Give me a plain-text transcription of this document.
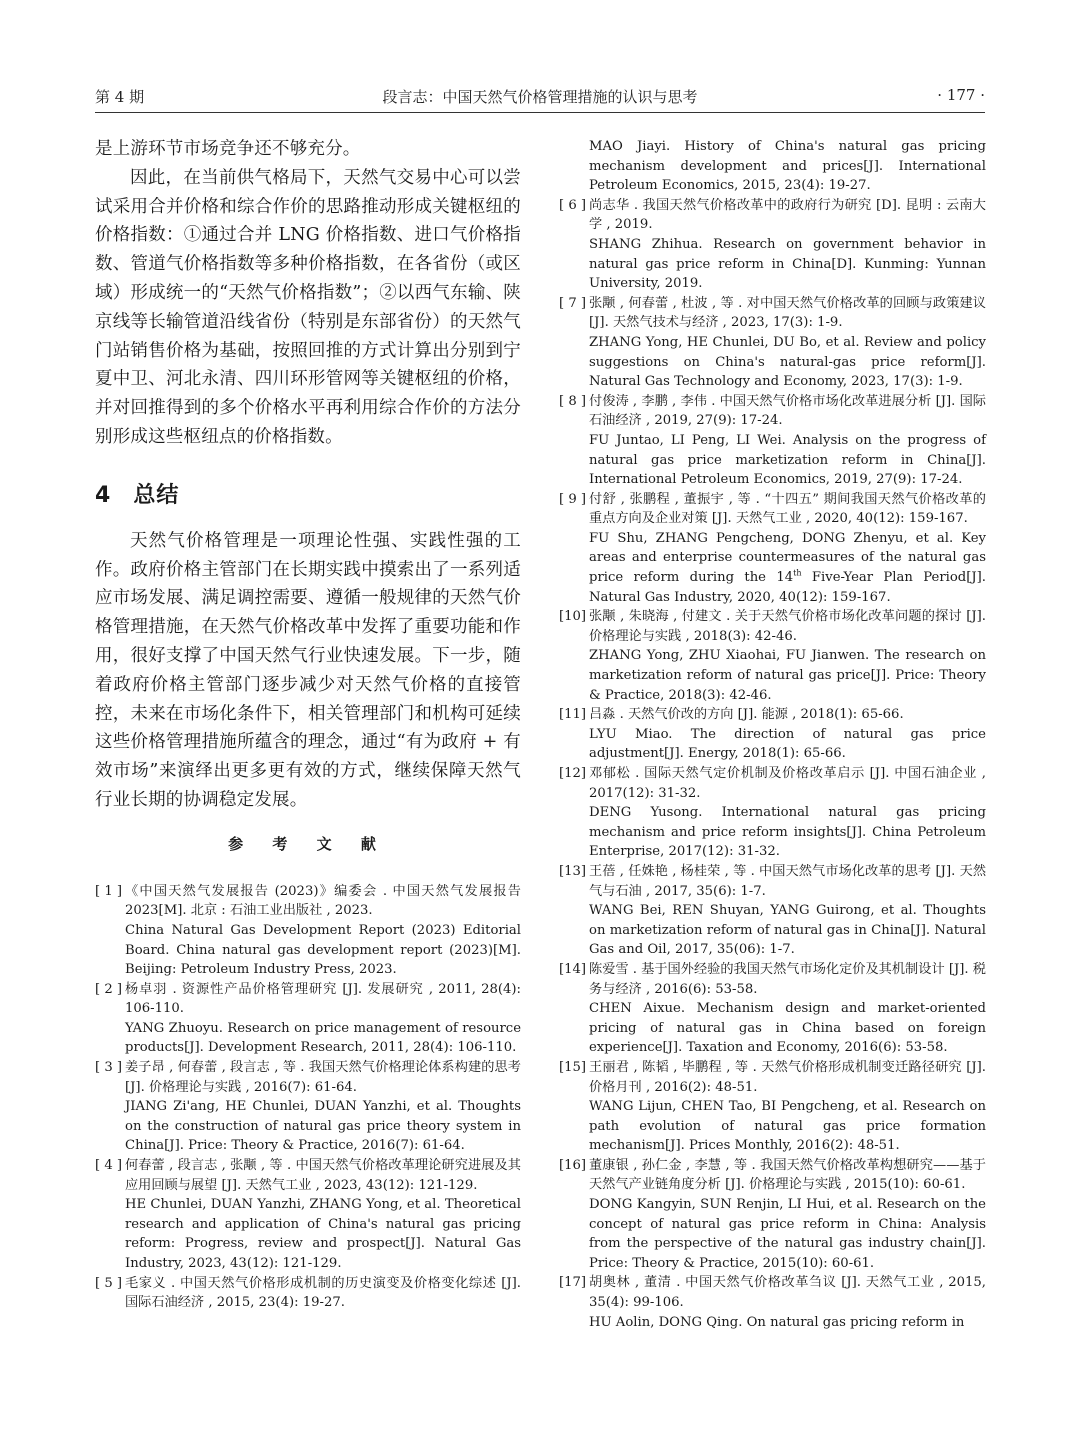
第 4 期	段言志：中国天然气价格管理措施的认识与思考	· 177 ·

是上游环节市场竞争还不够充分。

因此，在当前供气格局下，天然气交易中心可以尝试采用合并价格和综合作价的思路推动形成关键枢纽的价格指数：①通过合并 LNG 价格指数、进口气价格指数、管道气价格指数等多种价格指数，在各省份（或区域）形成统一的“天然气价格指数”；②以西气东输、陕京线等长输管道沿线省份（特别是东部省份）的天然气门站销售价格为基础，按照回推的方式计算出分别到宁夏中卫、河北永清、四川环形管网等关键枢纽的价格，并对回推得到的多个价格水平再利用综合作价的方法分别形成这些枢纽点的价格指数。

4 总结

天然气价格管理是一项理论性强、实践性强的工作。政府价格主管部门在长期实践中摸索出了一系列适应市场发展、满足调控需要、遵循一般规律的天然气价格管理措施，在天然气价格改革中发挥了重要功能和作用，很好支撑了中国天然气行业快速发展。下一步，随着政府价格主管部门逐步减少对天然气价格的直接管控，未来在市场化条件下，相关管理部门和机构可延续这些价格管理措施所蕴含的理念，通过“有为政府 + 有效市场”来演绎出更多更有效的方式，继续保障天然气行业长期的协调稳定发展。

参 考 文 献
[ 1 ] 《中国天然气发展报告 (2023)》编委会 . 中国天然气发展报告 2023[M]. 北京 : 石油工业出版社 , 2023.

China Natural Gas Development Report (2023) Editorial Board. China natural gas development report (2023)[M]. Beijing: Petroleum Industry Press, 2023.

[ 2 ] 杨卓羽 . 资源性产品价格管理研究 [J]. 发展研究 , 2011, 28(4): 106-110.

YANG Zhuoyu. Research on price management of resource products[J]. Development Research, 2011, 28(4): 106-110.

[ 3 ] 姜子昂 , 何春蕾 , 段言志 , 等 . 我国天然气价格理论体系构建的思考 [J]. 价格理论与实践 , 2016(7): 61-64.

JIANG Zi'ang, HE Chunlei, DUAN Yanzhi, et al. Thoughts on the construction of natural gas price theory system in China[J]. Price: Theory & Practice, 2016(7): 61-64.

[ 4 ] 何春蕾 , 段言志 , 张颙 , 等 . 中国天然气价格改革理论研究进展及其应用回顾与展望 [J]. 天然气工业 , 2023, 43(12): 121-129.

HE Chunlei, DUAN Yanzhi, ZHANG Yong, et al. Theoretical research and application of China's natural gas pricing reform: Progress, review and prospect[J]. Natural Gas Industry, 2023, 43(12): 121-129.

[ 5 ] 毛家义 . 中国天然气价格形成机制的历史演变及价格变化综述 [J]. 国际石油经济 , 2015, 23(4): 19-27.

MAO Jiayi. History of China's natural gas pricing mechanism development and prices[J]. International Petroleum Economics, 2015, 23(4): 19-27.

[ 6 ] 尚志华 . 我国天然气价格改革中的政府行为研究 [D]. 昆明 : 云南大学 , 2019.

SHANG Zhihua. Research on government behavior in natural gas price reform in China[D]. Kunming: Yunnan University, 2019.

[ 7 ] 张颙 , 何春蕾 , 杜波 , 等 . 对中国天然气价格改革的回顾与政策建议 [J]. 天然气技术与经济 , 2023, 17(3): 1-9.

ZHANG Yong, HE Chunlei, DU Bo, et al. Review and policy suggestions on China's natural-gas price reform[J]. Natural Gas Technology and Economy, 2023, 17(3): 1-9.

[ 8 ] 付俊涛 , 李鹏 , 李伟 . 中国天然气价格市场化改革进展分析 [J]. 国际石油经济 , 2019, 27(9): 17-24.

FU Juntao, LI Peng, LI Wei. Analysis on the progress of natural gas price marketization reform in China[J]. International Petroleum Economics, 2019, 27(9): 17-24.

[ 9 ] 付舒 , 张鹏程 , 董振宇 , 等 . “十四五” 期间我国天然气价格改革的重点方向及企业对策 [J]. 天然气工业 , 2020, 40(12): 159-167.

FU Shu, ZHANG Pengcheng, DONG Zhenyu, et al. Key areas and enterprise countermeasures of the natural gas price reform during the 14th Five-Year Plan Period[J]. Natural Gas Industry, 2020, 40(12): 159-167.

[10] 张颙 , 朱晓海 , 付建文 . 关于天然气价格市场化改革问题的探讨 [J]. 价格理论与实践 , 2018(3): 42-46.

ZHANG Yong, ZHU Xiaohai, FU Jianwen. The research on marketization reform of natural gas price[J]. Price: Theory & Practice, 2018(3): 42-46.

[11] 吕淼 . 天然气价改的方向 [J]. 能源 , 2018(1): 65-66.

LYU Miao. The direction of natural gas price adjustment[J]. Energy, 2018(1): 65-66.

[12] 邓郁松 . 国际天然气定价机制及价格改革启示 [J]. 中国石油企业 , 2017(12): 31-32.

DENG Yusong. International natural gas pricing mechanism and price reform insights[J]. China Petroleum Enterprise, 2017(12): 31-32.

[13] 王蓓 , 任姝艳 , 杨桂荣 , 等 . 中国天然气市场化改革的思考 [J]. 天然气与石油 , 2017, 35(6): 1-7.

WANG Bei, REN Shuyan, YANG Guirong, et al. Thoughts on marketization reform of natural gas in China[J]. Natural Gas and Oil, 2017, 35(06): 1-7.

[14] 陈爱雪 . 基于国外经验的我国天然气市场化定价及其机制设计 [J]. 税务与经济 , 2016(6): 53-58.

CHEN Aixue. Mechanism design and market-oriented pricing of natural gas in China based on foreign experience[J]. Taxation and Economy, 2016(6): 53-58.

[15] 王丽君 , 陈韬 , 毕鹏程 , 等 . 天然气价格形成机制变迁路径研究 [J]. 价格月刊 , 2016(2): 48-51.

WANG Lijun, CHEN Tao, BI Pengcheng, et al. Research on path evolution of natural gas price formation mechanism[J]. Prices Monthly, 2016(2): 48-51.

[16] 董康银 , 孙仁金 , 李慧 , 等 . 我国天然气价格改革构想研究——基于天然气产业链角度分析 [J]. 价格理论与实践 , 2015(10): 60-61.

DONG Kangyin, SUN Renjin, LI Hui, et al. Research on the concept of natural gas price reform in China: Analysis from the perspective of the natural gas industry chain[J]. Price: Theory & Practice, 2015(10): 60-61.

[17] 胡奥林 , 董清 . 中国天然气价格改革刍议 [J]. 天然气工业 , 2015, 35(4): 99-106.

HU Aolin, DONG Qing. On natural gas pricing reform in
